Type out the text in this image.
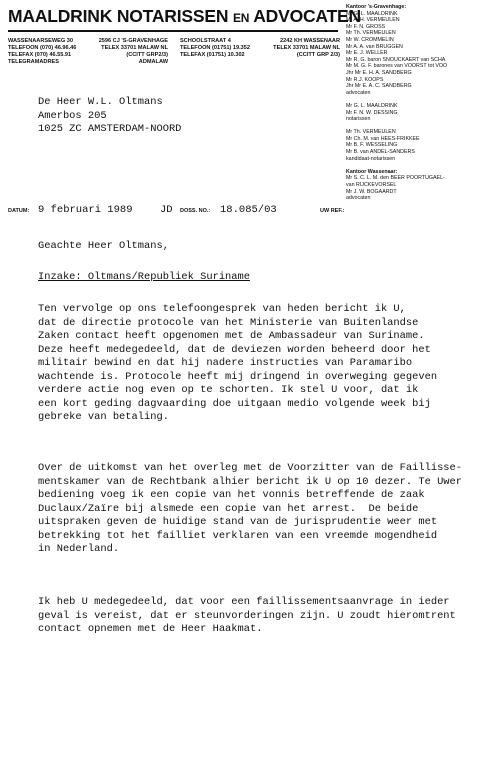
MAALDRINK NOTARISSEN EN ADVOCATEN
WASSENAARSEWEG 30	2596 CJ 'S-GRAVENHAGE
TELEFOON (070) 46.96.46	TELEX 33701 MALAW NL
TELEFAX (070) 46.55.91	(CCITT GRP2/3)
TELEGRAMADRES	ADMALAW
SCHOOLSTRAAT 4	2242 KH WASSENAAR
TELEFOON (01751) 19.352	TELEX 33701 MALAW NL
TELEFAX (01751) 10.302	(CCITT GRP 2/3)
Kantoor 's-Gravenhage:
Mr G. L. MAALDRINK
Mr A. H. VERMEULEN
Mr F. N. GROSS
Mr Th. VERMEULEN
Mr W. CROMMELIN
Mr A. A. van BRUGGEN
Mr E. J. WELLER
Mr R. G. baron SNOUCKAERT van SCHA
Mr M. G. F. barones van VOORST tot VOO
Jhr Mr E. H. A. SANDBERG
Mr R.J. KOOPS
Jhr Mr E. A. C. SANDBERG
advocaten

Mr G. L. MAALDRINK
Mr F. N. W. DESSING
notarissen

Mr Th. VERMEULEN
Mr Ch. M. van HEES-FRIKKEE
Mr B. F. WESSELING
Mr B. van ANDEL-SANDERS
kandidaat-notarissen

Kantoor Wassenaar:
Mr S. C. L. M. den BEER POORTUGAEL-
van RIJCKEVORSEL
Mr J. W. BOGAARDT
advocaten
De Heer W.L. Oltmans
Amerbos 205
1025 ZC AMSTERDAM-NOORD
DATUM: 9 februari 1989	JD DOSS. NO.: 18.085/03	UW REF.:
Geachte Heer Oltmans,
Inzake: Oltmans/Republiek Suriname
Ten vervolge op ons telefoongesprek van heden bericht ik U,
dat de directie protocole van het Ministerie van Buitenlandse
Zaken contact heeft opgenomen met de Ambassadeur van Suriname.
Deze heeft medegedeeld, dat de deviezen worden beheerd door het
militair bewind en dat hij nadere instructies van Paramaribo
wachtende is. Protocole heeft mij dringend in overweging gegeven
verdere actie nog even op te schorten. Ik stel U voor, dat ik
een kort geding dagvaarding doe uitgaan medio volgende week bij
gebreke van betaling.
Over de uitkomst van het overleg met de Voorzitter van de Faillisse-
mentskamer van de Rechtbank alhier bericht ik U op 10 dezer. Te Uwer
bediening voeg ik een copie van het vonnis betreffende de zaak
Duclaux/Zaïre bij alsmede een copie van het arrest.  De beide
uitspraken geven de huidige stand van de jurisprudentie weer met
betrekking tot het failliet verklaren van een vreemde mogendheid
in Nederland.
Ik heb U medegedeeld, dat voor een faillissementsaanvrage in ieder
geval is vereist, dat er steunvorderingen zijn. U zoudt hieromtrent
contact opnemen met de Heer Haakmat.
